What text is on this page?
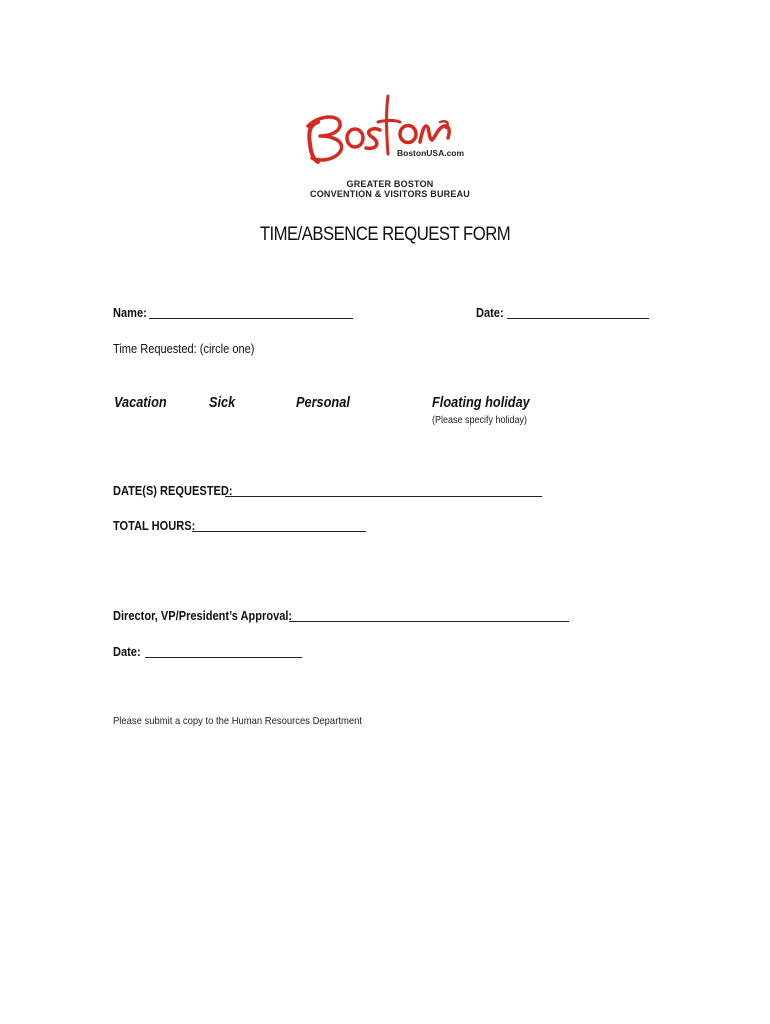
BostonUSA.com
GREATER BOSTON
CONVENTION & VISITORS BUREAU
TIME/ABSENCE REQUEST FORM
Name:	Date:
Time Requested: (circle one)
Vacation	Sick	Personal	Floating holiday
(Please specify holiday)
DATE(S) REQUESTED:
TOTAL HOURS:
Director, VP/President’s Approval:
Date:
Please submit a copy to the Human Resources Department
